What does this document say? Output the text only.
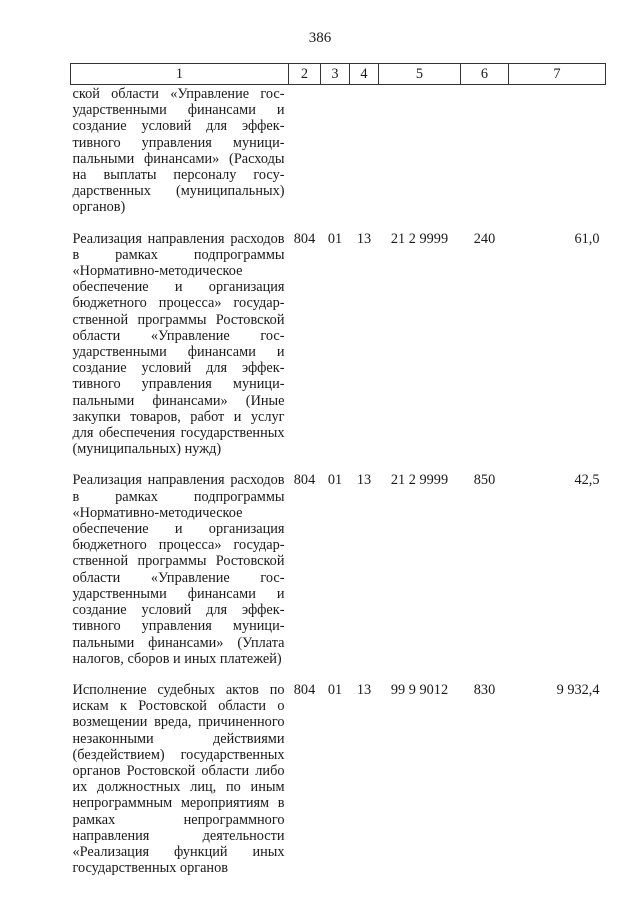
386
1	2	3	4	5	6	7
ской области «Управление государственными финансами и создание условий для эффективного управления муниципальными финансами» (Расходы на выплаты персоналу государственных (муниципальных) органов)						
Реализация направления расходов в рамках подпрограммы «Нормативно-методическое обеспечение и организация бюджетного процесса» государственной программы Ростовской области «Управление государственными финансами и создание условий для эффективного управления муниципальными финансами» (Иные закупки товаров, работ и услуг для обеспечения государственных (муниципальных) нужд)	804	01	13	21 2 9999	240	61,0
Реализация направления расходов в рамках подпрограммы «Нормативно-методическое обеспечение и организация бюджетного процесса» государственной программы Ростовской области «Управление государственными финансами и создание условий для эффективного управления муниципальными финансами» (Уплата налогов, сборов и иных платежей)	804	01	13	21 2 9999	850	42,5
Исполнение судебных актов по искам к Ростовской области о возмещении вреда, причиненного незаконными действиями (бездействием) государственных органов Ростовской области либо их должностных лиц, по иным непрограммным мероприятиям в рамках непрограммного направления деятельности «Реализация функций иных государственных органов	804	01	13	99 9 9012	830	9 932,4
